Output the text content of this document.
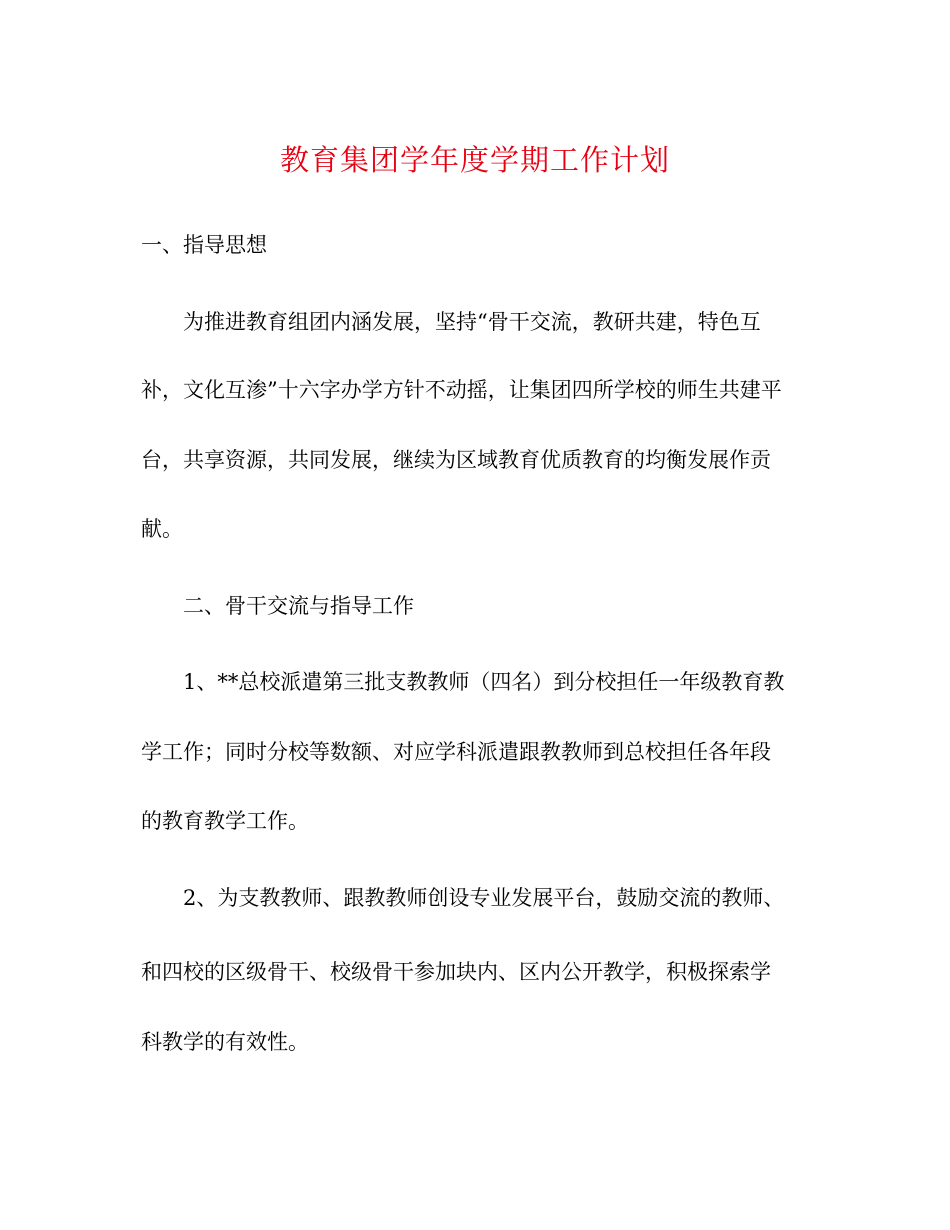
教育集团学年度学期工作计划
一、指导思想
为推进教育组团内涵发展，坚持“骨干交流，教研共建，特色互
补，文化互渗”十六字办学方针不动摇，让集团四所学校的师生共建平
台，共享资源，共同发展，继续为区域教育优质教育的均衡发展作贡
献。
二、骨干交流与指导工作
1、**总校派遣第三批支教教师（四名）到分校担任一年级教育教
学工作；同时分校等数额、对应学科派遣跟教教师到总校担任各年段
的教育教学工作。
2、为支教教师、跟教教师创设专业发展平台，鼓励交流的教师、
和四校的区级骨干、校级骨干参加块内、区内公开教学，积极探索学
科教学的有效性。
